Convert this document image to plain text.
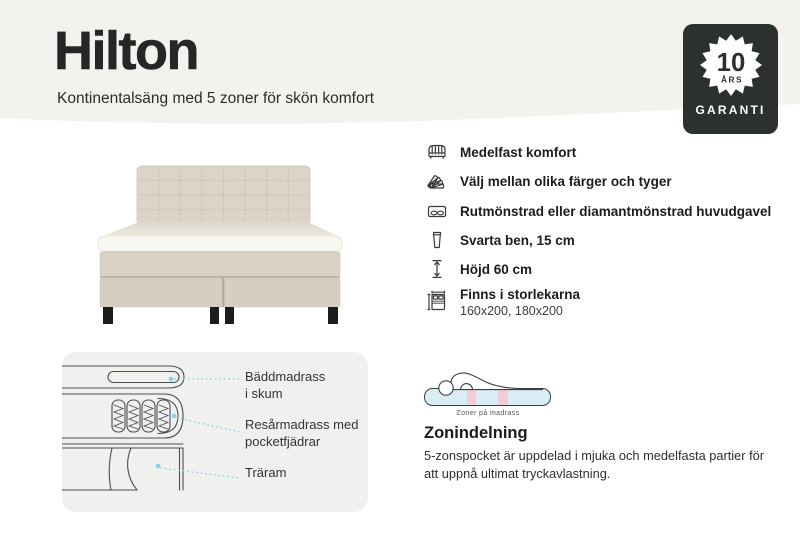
Hilton
Kontinentalsäng med 5 zoner för skön komfort
10
ÅRS
GARANTI
Medelfast komfort
Välj mellan olika färger och tyger
Rutmönstrad eller diamantmönstrad huvudgavel
Svarta ben, 15 cm
Höjd 60 cm
Finns i storlekarna
160x200, 180x200
Bäddmadrass
i skum
Resårmadrass med
pocketfjädrar
Träram
Zoner på madrass
Zonindelning
5-zonspocket är uppdelad i mjuka och medelfasta partier för att uppnå ultimat tryckavlastning.
